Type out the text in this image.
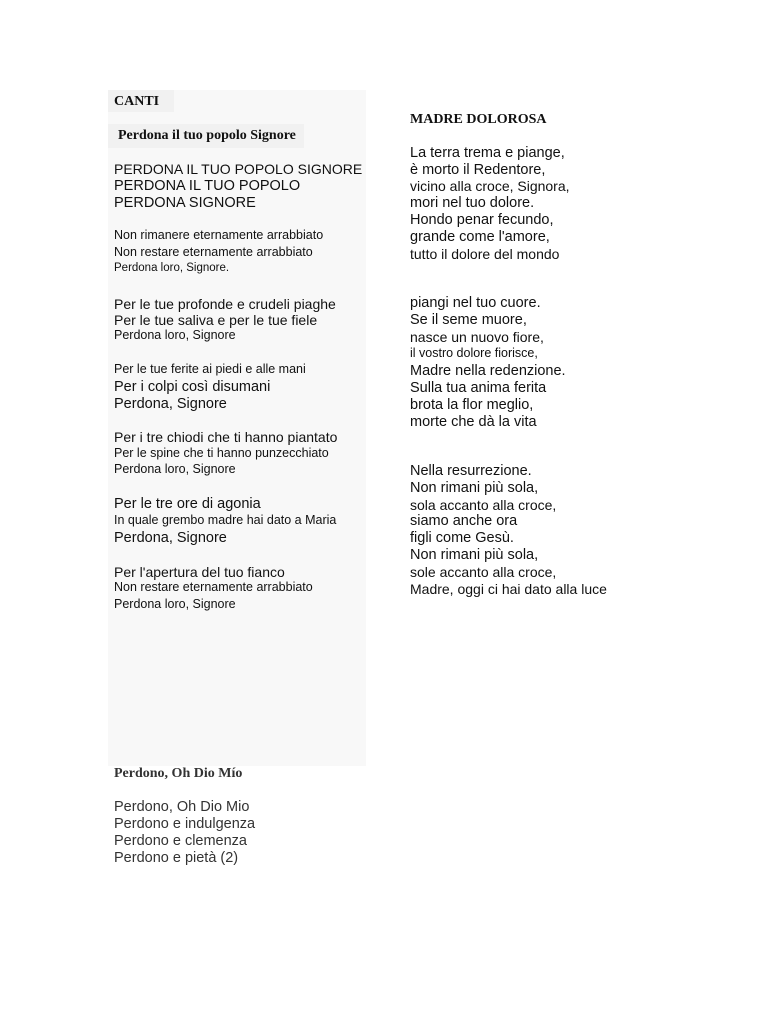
CANTI
Perdona il tuo popolo Signore
MADRE DOLOROSA
Perdono, Oh Dio Mío
PERDONA IL TUO POPOLO SIGNORE
PERDONA IL TUO POPOLO
PERDONA SIGNORE
Non rimanere eternamente arrabbiato
Non restare eternamente arrabbiato
Perdona loro, Signore.
Per le tue profonde e crudeli piaghe
Per le tue saliva e per le tue fiele
Perdona loro, Signore
Per le tue ferite ai piedi e alle mani
Per i colpi così disumani
Perdona, Signore
Per i tre chiodi che ti hanno piantato
Per le spine che ti hanno punzecchiato
Perdona loro, Signore
Per le tre ore di agonia
In quale grembo madre hai dato a Maria
Perdona, Signore
Per l'apertura del tuo fianco
Non restare eternamente arrabbiato
Perdona loro, Signore
La terra trema e piange,
è morto il Redentore,
vicino alla croce, Signora,
mori nel tuo dolore.
Hondo penar fecundo,
grande come l'amore,
tutto il dolore del mondo
piangi nel tuo cuore.
Se il seme muore,
nasce un nuovo fiore,
il vostro dolore fiorisce,
Madre nella redenzione.
Sulla tua anima ferita
brota la flor meglio,
morte che dà la vita
Nella resurrezione.
Non rimani più sola,
sola accanto alla croce,
siamo anche ora
figli come Gesù.
Non rimani più sola,
sole accanto alla croce,
Madre, oggi ci hai dato alla luce
Perdono, Oh Dio Mio
Perdono e indulgenza
Perdono e clemenza
Perdono e pietà (2)
